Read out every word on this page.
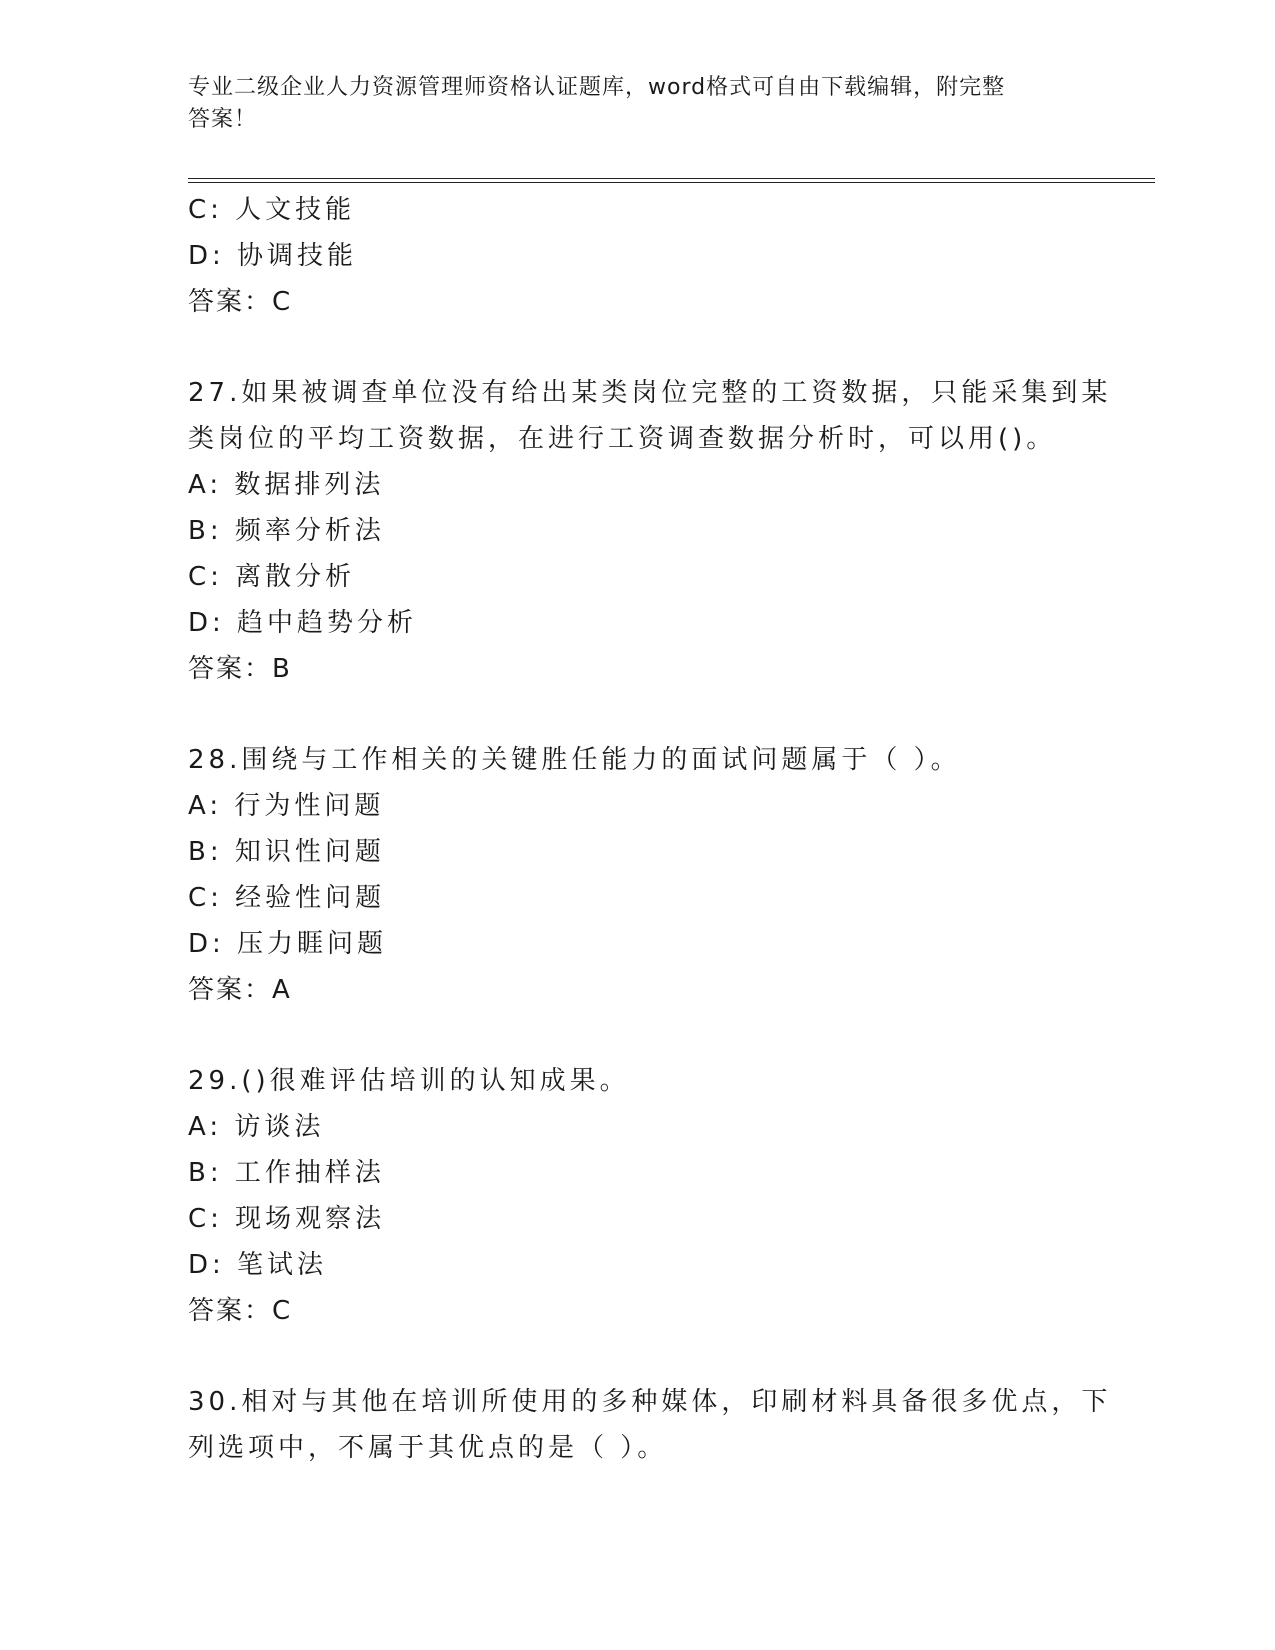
专业二级企业人力资源管理师资格认证题库，word格式可自由下载编辑，附完整
答案！
C: 人文技能
D: 协调技能
答案：C
27.如果被调查单位没有给出某类岗位完整的工资数据，只能采集到某
类岗位的平均工资数据，在进行工资调查数据分析时，可以用()。
A: 数据排列法
B: 频率分析法
C: 离散分析
D: 趋中趋势分析
答案：B
28.围绕与工作相关的关键胜任能力的面试问题属于（ ）。
A: 行为性问题
B: 知识性问题
C: 经验性问题
D: 压力睚问题
答案：A
29.()很难评估培训的认知成果。
A: 访谈法
B: 工作抽样法
C: 现场观察法
D: 笔试法
答案：C
30.相对与其他在培训所使用的多种媒体，印刷材料具备很多优点，下
列选项中，不属于其优点的是（ ）。
